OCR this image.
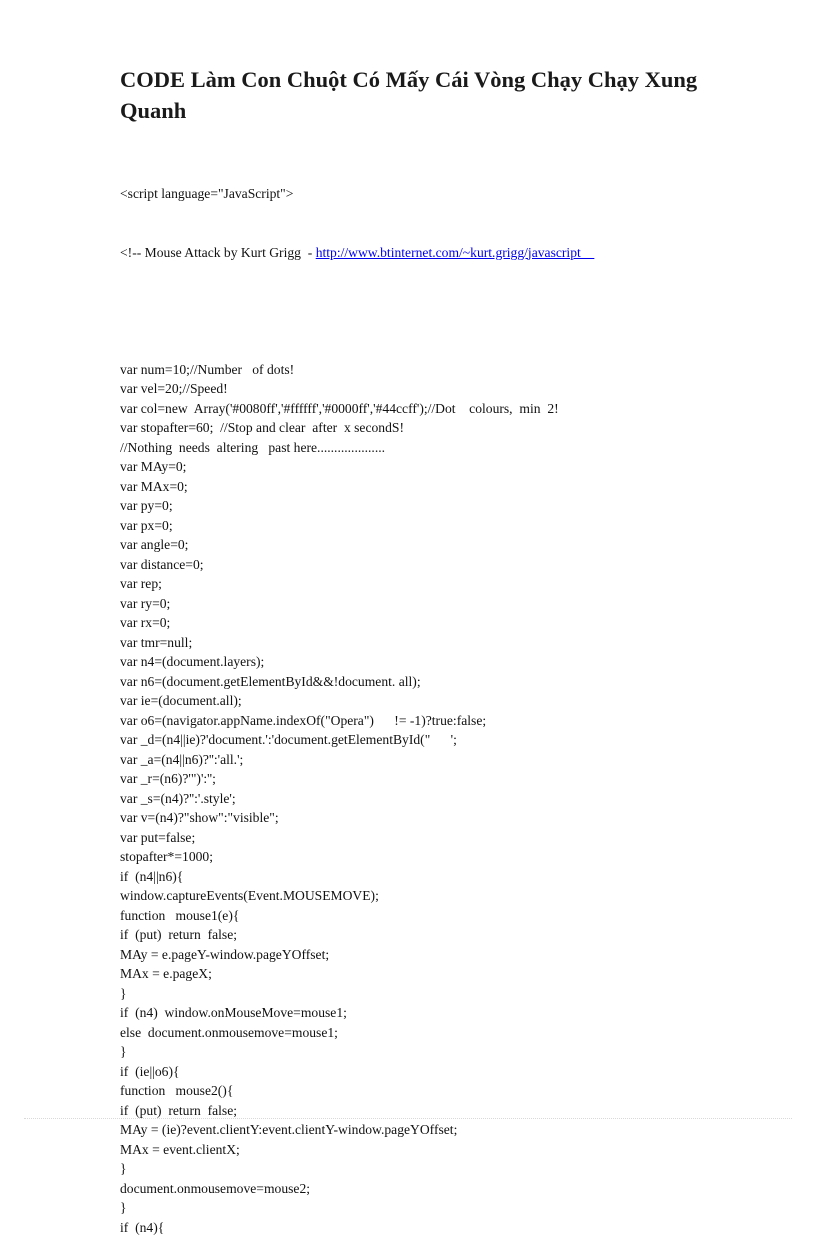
CODE Làm Con Chuột Có Mấy Cái Vòng Chạy Chạy Xung Quanh

<script language="JavaScript">

<!-- Mouse Attack by Kurt Grigg  - http://www.btinternet.com/~kurt.grigg/javascript

var num=10;//Number   of dots!
var vel=20;//Speed!
var col=new  Array('#0080ff','#ffffff','#0000ff','#44ccff');//Dot    colours,  min  2!
var stopafter=60;  //Stop and clear  after  x secondS!
//Nothing  needs  altering   past here....................
var MAy=0;
var MAx=0;
var py=0;
var px=0;
var angle=0;
var distance=0;
var rep;
var ry=0;
var rx=0;
var tmr=null;
var n4=(document.layers);
var n6=(document.getElementById&&!document. all);
var ie=(document.all);
var o6=(navigator.appName.indexOf("Opera")      != -1)?true:false;
var _d=(n4||ie)?'document.':'document.getElementById("      ';
var _a=(n4||n6)?'':'all.';
var _r=(n6)?'")':'';
var _s=(n4)?'':'.style';
var v=(n4)?"show":"visible";
var put=false;
stopafter*=1000;
if  (n4||n6){
window.captureEvents(Event.MOUSEMOVE);
function   mouse1(e){
if  (put)  return  false;
MAy = e.pageY-window.pageYOffset;
MAx = e.pageX;
}
if  (n4)  window.onMouseMove=mouse1;
else  document.onmousemove=mouse1;
}
if  (ie||o6){
function   mouse2(){
if  (put)  return  false;
MAy = (ie)?event.clientY:event.clientY-window.pageYOffset;
MAx = event.clientX;
}
document.onmousemove=mouse2;
}
if  (n4){
